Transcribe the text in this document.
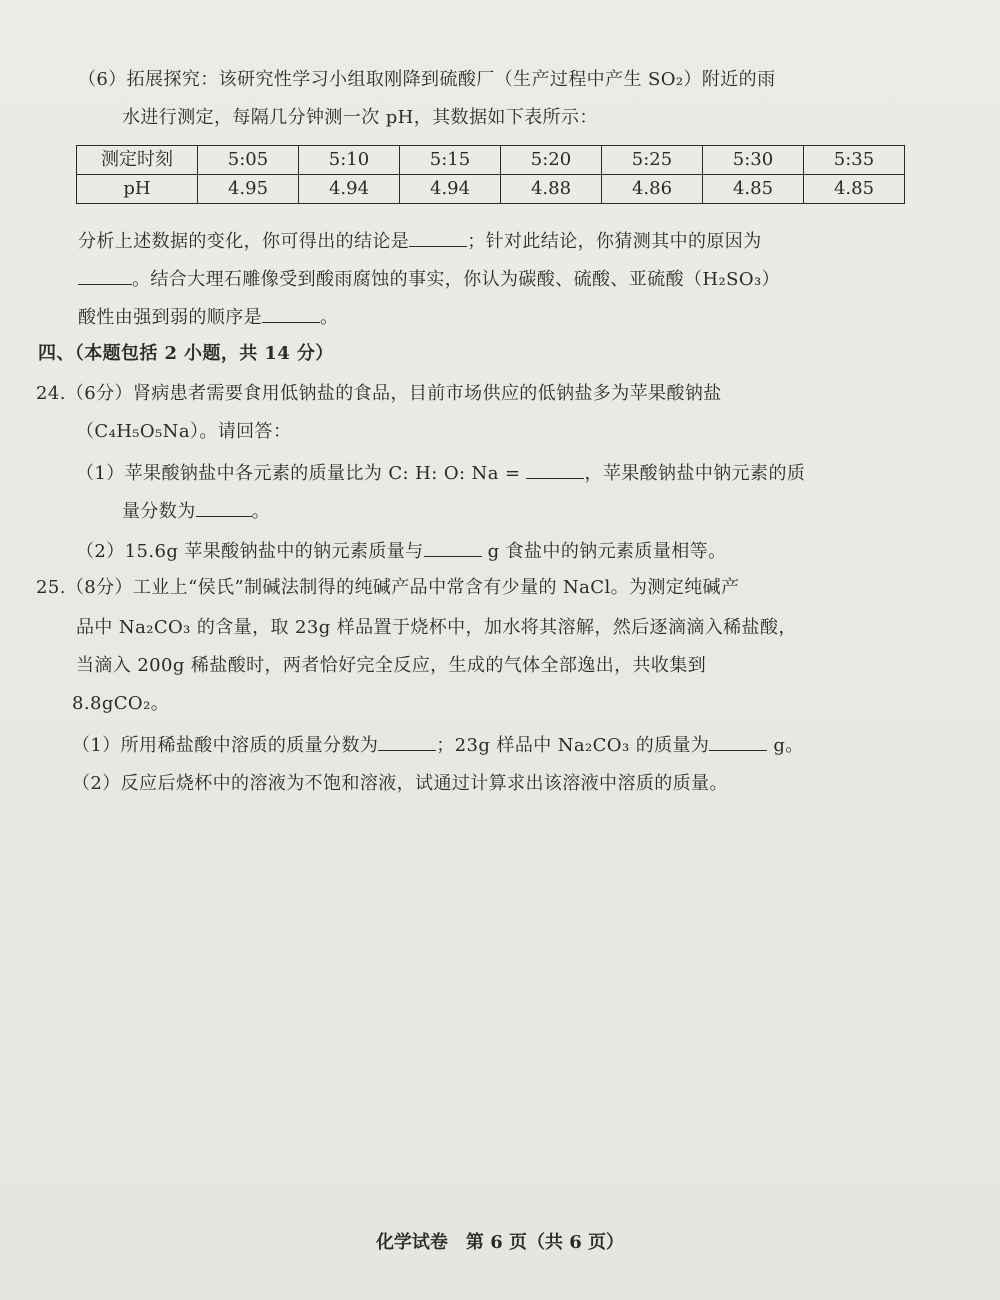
（6）拓展探究：该研究性学习小组取刚降到硫酸厂（生产过程中产生 SO₂）附近的雨
水进行测定，每隔几分钟测一次 pH，其数据如下表所示：
测定时刻	5:05	5:10	5:15	5:20	5:25	5:30	5:35
pH	4.95	4.94	4.94	4.88	4.86	4.85	4.85
分析上述数据的变化，你可得出的结论是	；针对此结论，你猜测其中的原因为
。结合大理石雕像受到酸雨腐蚀的事实，你认为碳酸、硫酸、亚硫酸（H₂SO₃）
酸性由强到弱的顺序是	。
四、（本题包括 2 小题，共 14 分）
24.（6分）肾病患者需要食用低钠盐的食品，目前市场供应的低钠盐多为苹果酸钠盐
（C₄H₅O₅Na）。请回答：
（1）苹果酸钠盐中各元素的质量比为 C: H: O: Na =	，苹果酸钠盐中钠元素的质
量分数为	。
（2）15.6g 苹果酸钠盐中的钠元素质量与	g 食盐中的钠元素质量相等。
25.（8分）工业上“侯氏”制碱法制得的纯碱产品中常含有少量的 NaCl。为测定纯碱产
品中 Na₂CO₃ 的含量，取 23g 样品置于烧杯中，加水将其溶解，然后逐滴滴入稀盐酸，
当滴入 200g 稀盐酸时，两者恰好完全反应，生成的气体全部逸出，共收集到
8.8gCO₂。
（1）所用稀盐酸中溶质的质量分数为	；23g 样品中 Na₂CO₃ 的质量为	g。
（2）反应后烧杯中的溶液为不饱和溶液，试通过计算求出该溶液中溶质的质量。
化学试卷　第 6 页（共 6 页）
